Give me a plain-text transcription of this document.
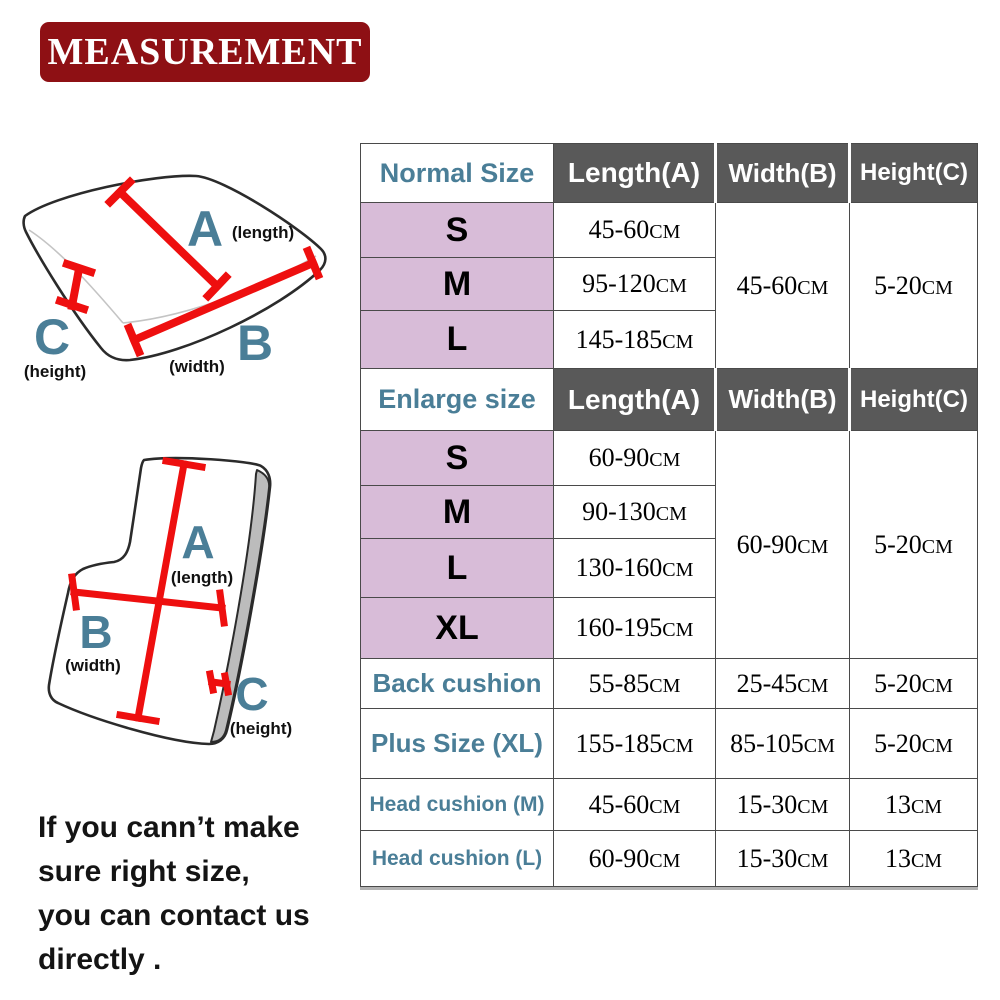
MEASUREMENT
A (length)
C
(height)
B
(width)
A
(length)
B
(width)
C
(height)
If you cann’t make
sure right size,
you can contact us
directly .
Normal Size	Length(A)	Width(B)	Height(C)
S	45-60CM	45-60CM	5-20CM
M	95-120CM		
L	145-185CM		
Enlarge size	Length(A)	Width(B)	Height(C)
S	60-90CM	60-90CM	5-20CM
M	90-130CM		
L	130-160CM		
XL	160-195CM		
Back cushion	55-85CM	25-45CM	5-20CM
Plus Size (XL)	155-185CM	85-105CM	5-20CM
Head cushion (M)	45-60CM	15-30CM	13CM
Head cushion (L)	60-90CM	15-30CM	13CM
